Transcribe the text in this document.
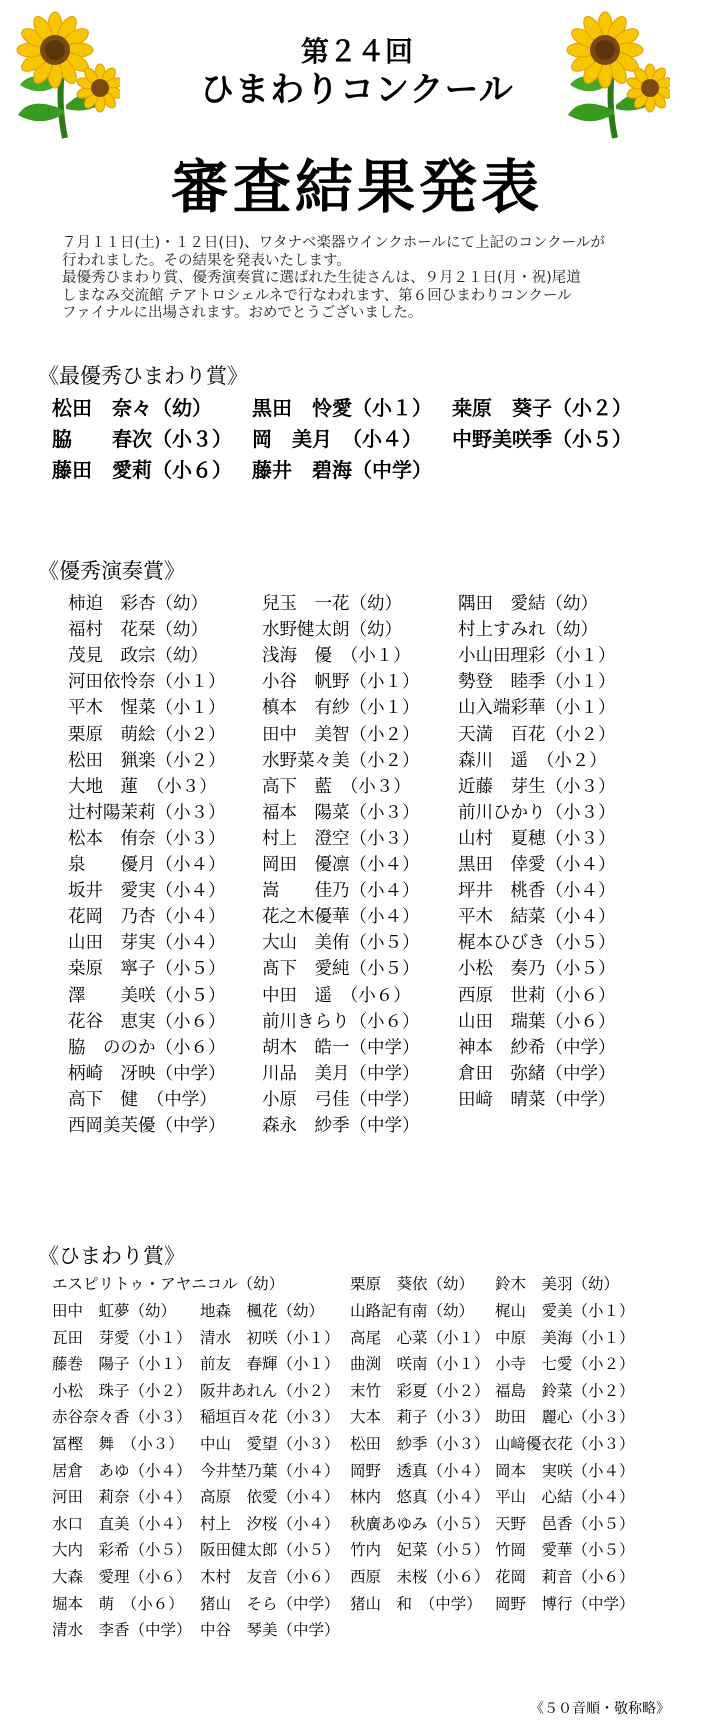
第２４回
ひまわりコンクール
審査結果発表
７月１１日(土)・１２日(日)、ワタナベ楽器ウインクホールにて上記のコンクールが
行われました。その結果を発表いたします。
最優秀ひまわり賞、優秀演奏賞に選ばれた生徒さんは、９月２１日(月・祝)尾道
しまなみ交流館 テアトロシェルネで行なわれます、第６回ひまわりコンクール
ファイナルに出場されます。おめでとうございました。
《最優秀ひまわり賞》
《優秀演奏賞》
《ひまわり賞》
松田　奈々（幼） 黒田　怜愛（小１） 桒原　葵子（小２）
脇　　春次（小３） 岡　美月　（小４） 中野美咲季（小５）
藤田　愛莉（小６） 藤井　碧海（中学）
柿迫　彩杏（幼）	兒玉　一花（幼）	隅田　愛結（幼）
福村　花栞（幼）	水野健太朗（幼）	村上すみれ（幼）
茂見　政宗（幼）	浅海　優　（小１）	小山田理彩（小１）
河田依怜奈（小１） 小谷　帆野（小１） 勢登　睦季（小１）
平木　惺菜（小１） 槙本　有紗（小１） 山入端彩華（小１）
栗原　萌絵（小２） 田中　美智（小２） 天満　百花（小２）
松田　猟楽（小２） 水野菜々美（小２） 森川　遥　（小２）
大地　蓮　（小３）	高下　藍　（小３）	近藤　芽生（小３）
辻村陽茉莉（小３） 福本　陽菜（小３） 前川ひかり（小３）
松本　侑奈（小３） 村上　澄空（小３） 山村　夏穂（小３）
泉　　優月（小４） 岡田　優凛（小４） 黒田　倖愛（小４）
坂井　愛実（小４） 嵩　　佳乃（小４） 坪井　桃香（小４）
花岡　乃杏（小４） 花之木優華（小４） 平木　結菜（小４）
山田　芽実（小４） 大山　美侑（小５） 梶本ひびき（小５）
桒原　寧子（小５） 髙下　愛純（小５） 小松　奏乃（小５）
澤　　美咲（小５） 中田　遥　（小６）	西原　世莉（小６）
花谷　恵実（小６） 前川きらり（小６） 山田　瑞葉（小６）
脇　ののか（小６） 胡木　皓一（中学） 神本　紗希（中学）
柄崎　冴映（中学） 川品　美月（中学） 倉田　弥緒（中学）
高下　健　（中学）	小原　弓佳（中学） 田﨑　晴菜（中学）
西岡美芙優（中学） 森永　紗季（中学）
エスピリトゥ・アヤニコル（幼）	栗原　葵依（幼） 鈴木　美羽（幼）
田中　虹夢（幼） 地森　楓花（幼） 山路記有南（幼） 梶山　愛美（小１）
瓦田　芽愛（小１） 清水　初咲（小１） 高尾　心菜（小１） 中原　美海（小１）
藤巻　陽子（小１） 前友　春輝（小１） 曲渕　咲南（小１） 小寺　七愛（小２）
小松　珠子（小２） 阪井あれん（小２） 末竹　彩夏（小２） 福島　鈴菜（小２）
赤谷奈々香（小３） 稲垣百々花（小３） 大本　莉子（小３） 助田　麗心（小３）
冨樫　舞　（小３） 中山　愛望（小３） 松田　紗季（小３） 山﨑優衣花（小３）
居倉　あゆ（小４） 今井埜乃葉（小４） 岡野　透真（小４） 岡本　実咲（小４）
河田　莉奈（小４） 高原　依愛（小４） 林内　悠真（小４） 平山　心結（小４）
水口　直美（小４） 村上　汐桜（小４） 秋廣あゆみ（小５） 天野　邑香（小５）
大内　彩希（小５） 阪田健太郎（小５） 竹内　妃菜（小５） 竹岡　愛華（小５）
大森　愛理（小６） 木村　友音（小６） 西原　未桜（小６） 花岡　莉音（小６）
堀本　萌　（小６） 猪山　そら（中学） 猪山　和　（中学） 岡野　博行（中学）
清水　李香（中学） 中谷　琴美（中学）
《５０音順・敬称略》
